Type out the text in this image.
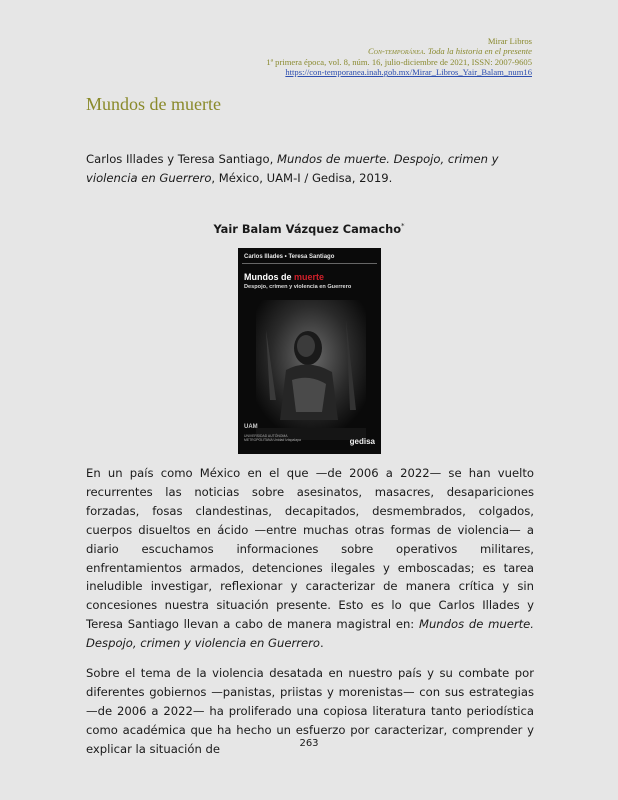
Mirar Libros
Con-temporánea. Toda la historia en el presente
1ª primera época, vol. 8, núm. 16, julio-diciembre de 2021, ISSN: 2007-9605
https://con-temporanea.inah.gob.mx/Mirar_Libros_Yair_Balam_num16
Mundos de muerte
Carlos Illades y Teresa Santiago, Mundos de muerte. Despojo, crimen y violencia en Guerrero, México, UAM-I / Gedisa, 2019.
Yair Balam Vázquez Camacho*
Carlos Illades • Teresa Santiago
Mundos de muerte
Despojo, crimen y violencia en Guerrero
UAM
UNIVERSIDAD AUTÓNOMA METROPOLITANA Unidad Iztapalapa	gedisa

En un país como México en el que —de 2006 a 2022— se han vuelto recurrentes las noticias sobre asesinatos, masacres, desapariciones forzadas, fosas clandestinas, decapitados, desmembrados, colgados, cuerpos disueltos en ácido —entre muchas otras formas de violencia— a diario escuchamos informaciones sobre operativos militares, enfrentamientos armados, detenciones ilegales y emboscadas; es tarea ineludible investigar, reflexionar y caracterizar de manera crítica y sin concesiones nuestra situación presente. Esto es lo que Carlos Illades y Teresa Santiago llevan a cabo de manera magistral en: Mundos de muerte. Despojo, crimen y violencia en Guerrero.

Sobre el tema de la violencia desatada en nuestro país y su combate por diferentes gobiernos —panistas, priistas y morenistas— con sus estrategias —de 2006 a 2022— ha proliferado una copiosa literatura tanto periodística como académica que ha hecho un esfuerzo por caracterizar, comprender y explicar la situación de	263
